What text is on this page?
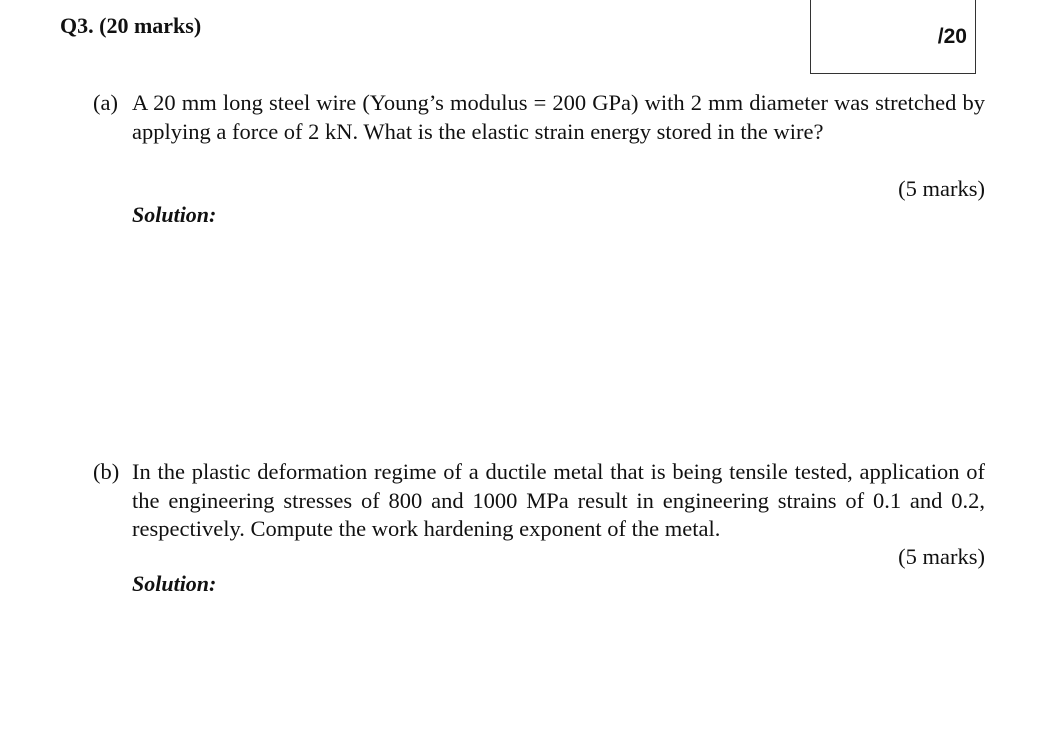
Q3. (20 marks)	/20
(a) A 20 mm long steel wire (Young’s modulus = 200 GPa) with 2 mm diameter was stretched by applying a force of 2 kN. What is the elastic strain energy stored in the wire?
(5 marks)
Solution:
(b) In the plastic deformation regime of a ductile metal that is being tensile tested, application of the engineering stresses of 800 and 1000 MPa result in engineering strains of 0.1 and 0.2, respectively. Compute the work hardening exponent of the metal.
(5 marks)
Solution:
